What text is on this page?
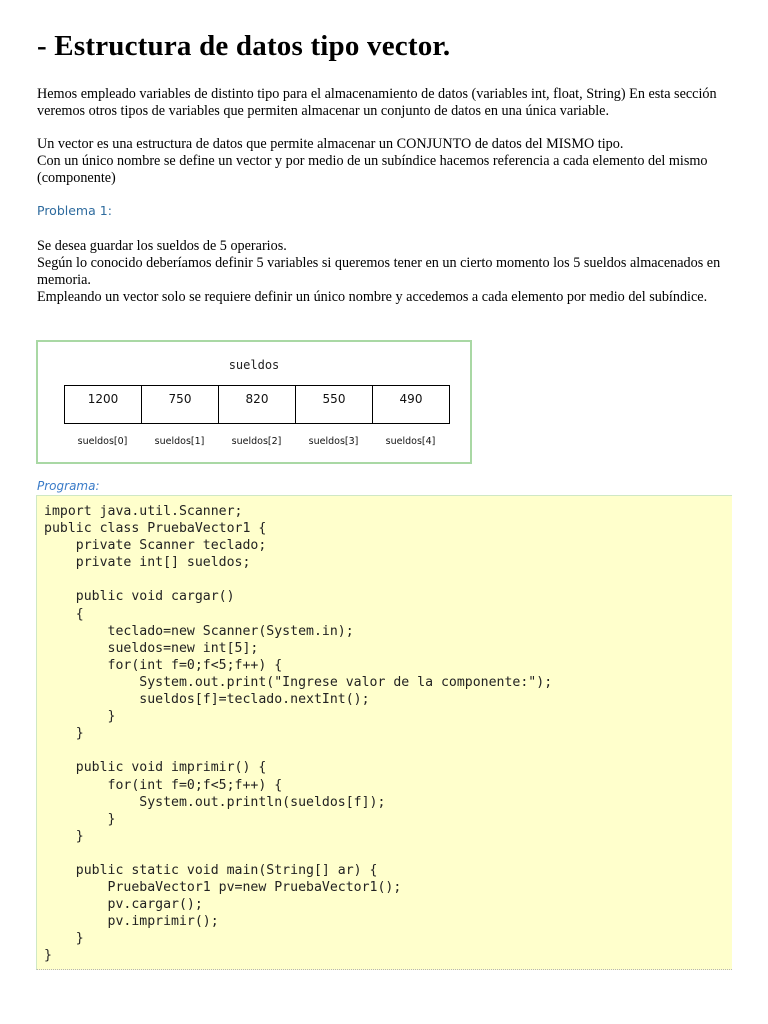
- Estructura de datos tipo vector.

Hemos empleado variables de distinto tipo para el almacenamiento de datos (variables int, float, String) En esta sección veremos otros tipos de variables que permiten almacenar un conjunto de datos en una única variable.

Un vector es una estructura de datos que permite almacenar un CONJUNTO de datos del MISMO tipo.
Con un único nombre se define un vector y por medio de un subíndice hacemos referencia a cada elemento del mismo (componente)

Problema 1:

Se desea guardar los sueldos de 5 operarios.
Según lo conocido deberíamos definir 5 variables si queremos tener en un cierto momento los 5 sueldos almacenados en memoria.
Empleando un vector solo se requiere definir un único nombre y accedemos a cada elemento por medio del subíndice.
sueldos
1200	750	820	550	490
sueldos[0]	sueldos[1]	sueldos[2]	sueldos[3]	sueldos[4]

Programa:

import java.util.Scanner;
public class PruebaVector1 {
private Scanner teclado;
private int[] sueldos;
public void cargar()
{
teclado=new Scanner(System.in);
sueldos=new int[5];
for(int f=0;f<5;f++) {
System.out.print("Ingrese valor de la componente:");
sueldos[f]=teclado.nextInt();
}
}
public void imprimir() {
for(int f=0;f<5;f++) {
System.out.println(sueldos[f]);
}
}
public static void main(String[] ar) {
PruebaVector1 pv=new PruebaVector1();
pv.cargar();
pv.imprimir();
}
}
